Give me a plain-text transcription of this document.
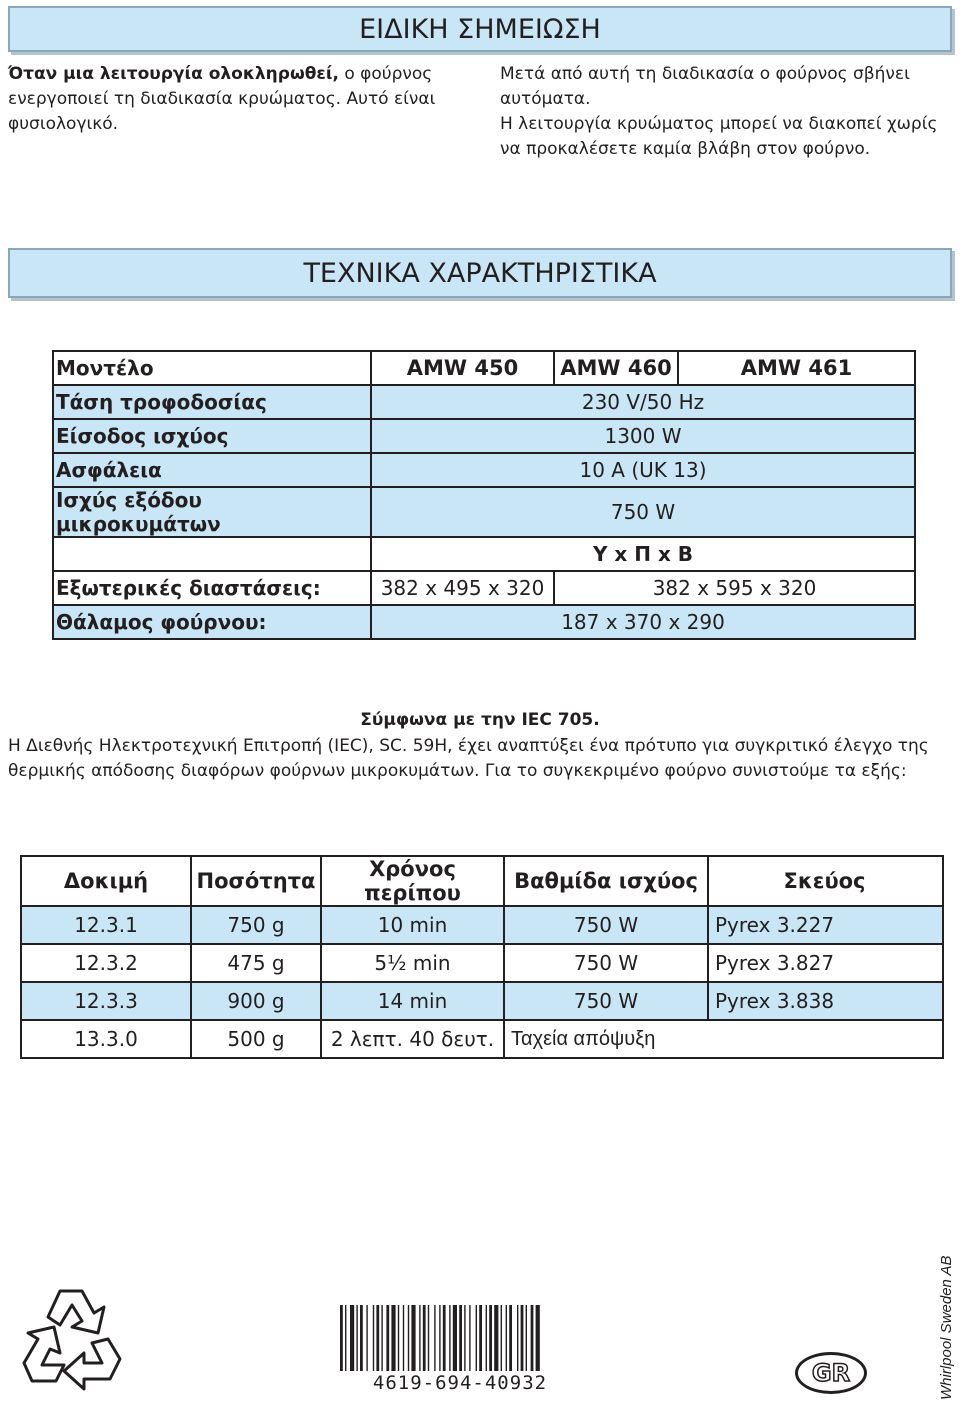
ΕΙΔΙΚΗ ΣΗΜΕΙΩΣΗ
Όταν μια λειτουργία ολοκληρωθεί, ο φούρνος ενεργοποιεί τη διαδικασία κρυώματος. Αυτό είναι φυσιολογικό.
Μετά από αυτή τη διαδικασία ο φούρνος σβήνει αυτόματα.
Η λειτουργία κρυώματος μπορεί να διακοπεί χωρίς να προκαλέσετε καμία βλάβη στον φούρνο.
ΤΕΧΝΙΚΑ ΧΑΡΑΚΤΗΡΙΣΤΙΚΑ
Μοντέλο	AMW 450	AMW 460	AMW 461
Τάση τροφοδοσίας	230 V/50 Hz		
Είσοδος ισχύος	1300 W		
Ασφάλεια	10 A (UK 13)		
Ισχύς εξόδου μικροκυμάτων	750 W		
	Υ x Π x Β		
Εξωτερικές διαστάσεις:	382 x 495 x 320	382 x 595 x 320	
Θάλαμος φούρνου:	187 x 370 x 290		
Σύμφωνα με την IEC 705.
Η Διεθνής Ηλεκτροτεχνική Επιτροπή (IEC), SC. 59H, έχει αναπτύξει ένα πρότυπο για συγκριτικό έλεγχο της θερμικής απόδοσης διαφόρων φούρνων μικροκυμάτων. Για το συγκεκριμένο φούρνο συνιστούμε τα εξής:
Δοκιμή	Ποσότητα	Χρόνος περίπου	Βαθμίδα ισχύος	Σκεύος
12.3.1	750 g	10 min	750 W	Pyrex 3.227
12.3.2	475 g	5½ min	750 W	Pyrex 3.827
12.3.3	900 g	14 min	750 W	Pyrex 3.838
13.3.0	500 g	2 λεπτ. 40 δευτ.	Ταχεία απόψυξη	
4619-694-40932	GR	Whirlpool Sweden AB
